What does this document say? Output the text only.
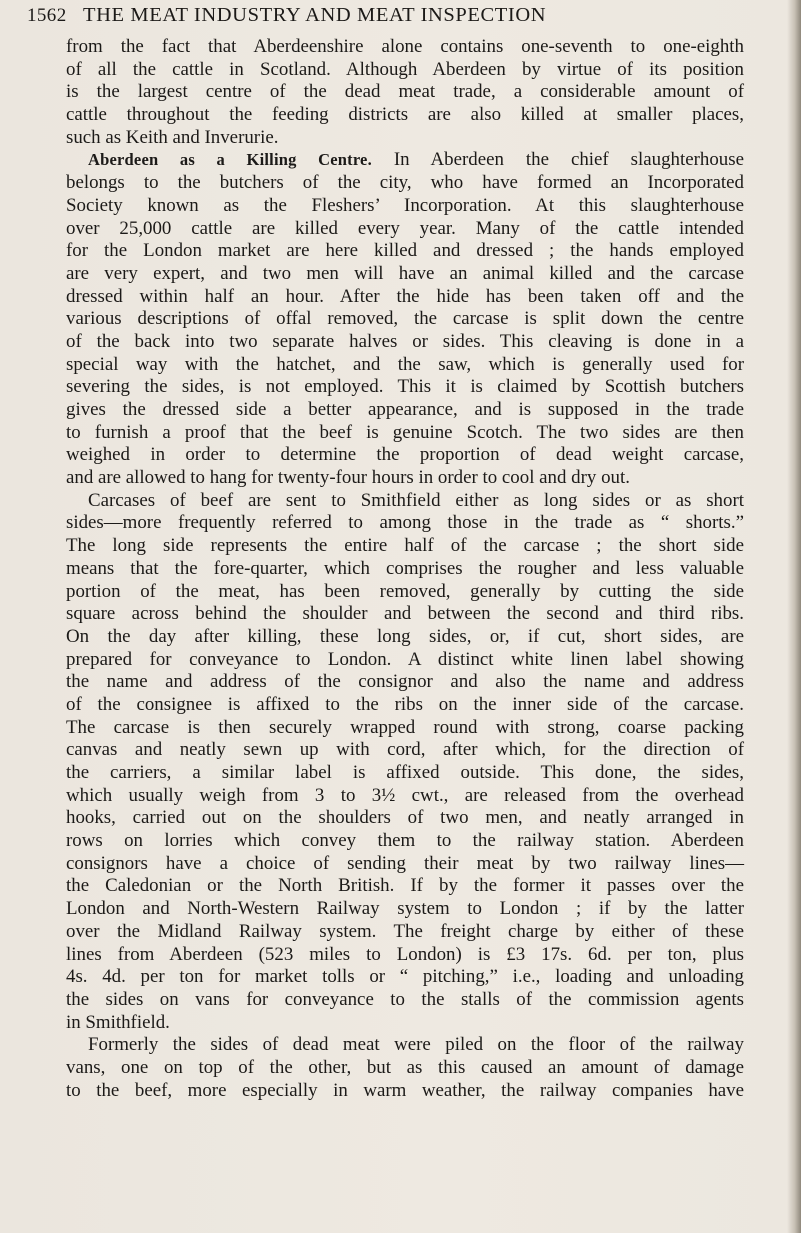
1562 THE MEAT INDUSTRY AND MEAT INSPECTION
from the fact that Aberdeenshire alone contains one-seventh to one-eighth
of all the cattle in Scotland. Although Aberdeen by virtue of its position
is the largest centre of the dead meat trade, a considerable amount of
cattle throughout the feeding districts are also killed at smaller places,
such as Keith and Inverurie.
Aberdeen as a Killing Centre. In Aberdeen the chief slaughterhouse
belongs to the butchers of the city, who have formed an Incorporated
Society known as the Fleshers’ Incorporation. At this slaughterhouse
over 25,000 cattle are killed every year. Many of the cattle intended
for the London market are here killed and dressed ; the hands employed
are very expert, and two men will have an animal killed and the carcase
dressed within half an hour. After the hide has been taken off and the
various descriptions of offal removed, the carcase is split down the centre
of the back into two separate halves or sides. This cleaving is done in a
special way with the hatchet, and the saw, which is generally used for
severing the sides, is not employed. This it is claimed by Scottish butchers
gives the dressed side a better appearance, and is supposed in the trade
to furnish a proof that the beef is genuine Scotch. The two sides are then
weighed in order to determine the proportion of dead weight carcase,
and are allowed to hang for twenty-four hours in order to cool and dry out.
Carcases of beef are sent to Smithfield either as long sides or as short
sides—more frequently referred to among those in the trade as “ shorts.”
The long side represents the entire half of the carcase ; the short side
means that the fore-quarter, which comprises the rougher and less valuable
portion of the meat, has been removed, generally by cutting the side
square across behind the shoulder and between the second and third ribs.
On the day after killing, these long sides, or, if cut, short sides, are
prepared for conveyance to London. A distinct white linen label showing
the name and address of the consignor and also the name and address
of the consignee is affixed to the ribs on the inner side of the carcase.
The carcase is then securely wrapped round with strong, coarse packing
canvas and neatly sewn up with cord, after which, for the direction of
the carriers, a similar label is affixed outside. This done, the sides,
which usually weigh from 3 to 3½ cwt., are released from the overhead
hooks, carried out on the shoulders of two men, and neatly arranged in
rows on lorries which convey them to the railway station. Aberdeen
consignors have a choice of sending their meat by two railway lines—
the Caledonian or the North British. If by the former it passes over the
London and North-Western Railway system to London ; if by the latter
over the Midland Railway system. The freight charge by either of these
lines from Aberdeen (523 miles to London) is £3 17s. 6d. per ton, plus
4s. 4d. per ton for market tolls or “ pitching,” i.e., loading and unloading
the sides on vans for conveyance to the stalls of the commission agents
in Smithfield.
Formerly the sides of dead meat were piled on the floor of the railway
vans, one on top of the other, but as this caused an amount of damage
to the beef, more especially in warm weather, the railway companies have
